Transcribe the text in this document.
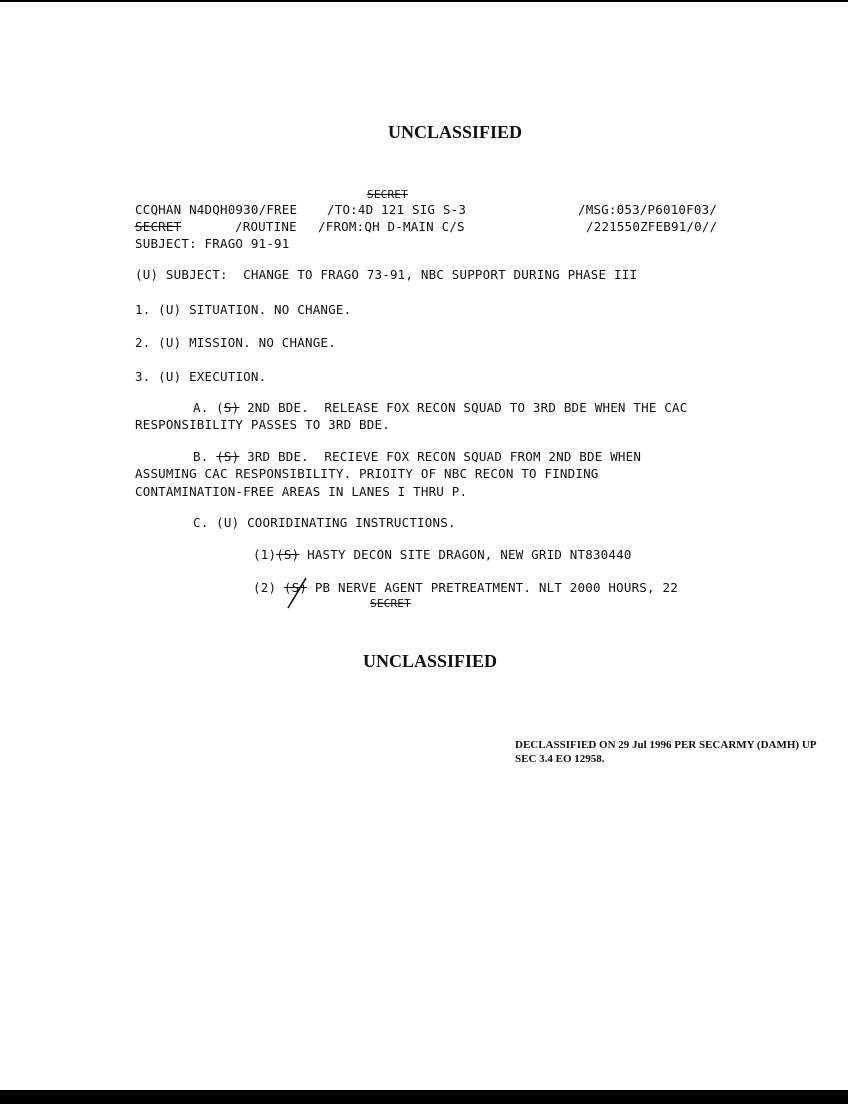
UNCLASSIFIED
SECRET
CCQHAN N4DQH0930/FREE /TO:4D 121 SIG S-3	/MSG:053/P6010F03/
SECRET	/ROUTINE /FROM:QH D-MAIN C/S	/221550ZFEB91/0//
SUBJECT: FRAGO 91-91
(U) SUBJECT:  CHANGE TO FRAGO 73-91, NBC SUPPORT DURING PHASE III
1. (U) SITUATION. NO CHANGE.
2. (U) MISSION. NO CHANGE.
3. (U) EXECUTION.
A. (S) 2ND BDE.  RELEASE FOX RECON SQUAD TO 3RD BDE WHEN THE CAC
RESPONSIBILITY PASSES TO 3RD BDE.
B. (S) 3RD BDE.  RECIEVE FOX RECON SQUAD FROM 2ND BDE WHEN
ASSUMING CAC RESPONSIBILITY. PRIOITY OF NBC RECON TO FINDING
CONTAMINATION-FREE AREAS IN LANES I THRU P.
C. (U) COORIDINATING INSTRUCTIONS.
(1)(S) HASTY DECON SITE DRAGON, NEW GRID NT830440
(2) (S) PB NERVE AGENT PRETREATMENT. NLT 2000 HOURS, 22
SECRET
UNCLASSIFIED
DECLASSIFIED ON 29 Jul 1996 PER SECARMY (DAMH) UP
SEC 3.4 EO 12958.
